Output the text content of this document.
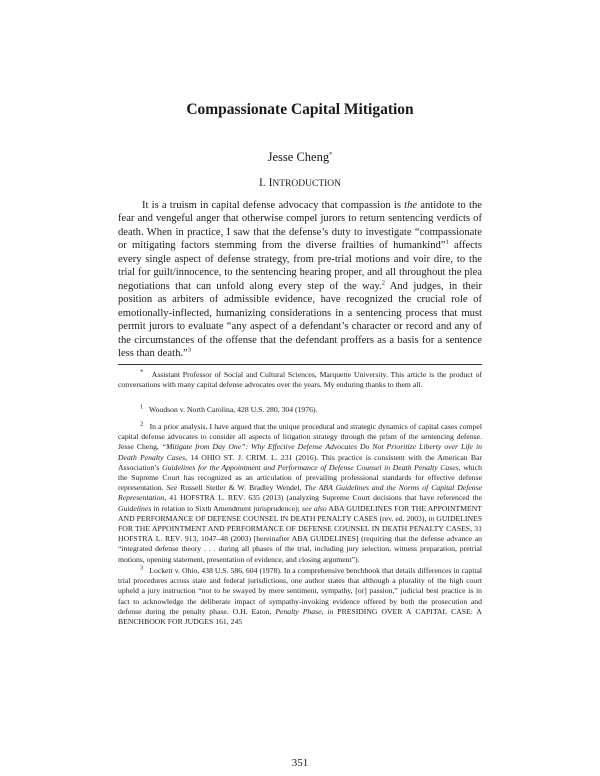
Compassionate Capital Mitigation
Jesse Cheng*
I. INTRODUCTION

It is a truism in capital defense advocacy that compassion is the antidote to the fear and vengeful anger that otherwise compel jurors to return sentencing verdicts of death. When in practice, I saw that the defense’s duty to investigate “compassionate or mitigating factors stemming from the diverse frailties of humankind”$^1$ affects every single aspect of defense strategy, from pre-trial motions and voir dire, to the trial for guilt/innocence, to the sentencing hearing proper, and all throughout the plea negotiations that can unfold along every step of the way.$^2$ And judges, in their position as arbiters of admissible evidence, have recognized the crucial role of emotionally-inflected, humanizing considerations in a sentencing process that must permit jurors to evaluate “any aspect of a defendant’s character or record and any of the circumstances of the offense that the defendant proffers as a basis for a sentence less than death.”$^3$

* Assistant Professor of Social and Cultural Sciences, Marquette University. This article is the product of conversations with many capital defense advocates over the years. My enduring thanks to them all.

$^1$ Woodson v. North Carolina, 428 U.S. 280, 304 (1976).

$^2$ In a prior analysis, I have argued that the unique procedural and strategic dynamics of capital cases compel capital defense advocates to consider all aspects of litigation strategy through the prism of the sentencing defense. Jesse Cheng, “Mitigate from Day One”: Why Effective Defense Advocates Do Not Prioritize Liberty over Life in Death Penalty Cases, 14 OHIO ST. J. CRIM. L. 231 (2016). This practice is consistent with the American Bar Association’s Guidelines for the Appointment and Performance of Defense Counsel in Death Penalty Cases, which the Supreme Court has recognized as an articulation of prevailing professional standards for effective defense representation. See Russell Stetler & W. Bradley Wendel, The ABA Guidelines and the Norms of Capital Defense Representation, 41 HOFSTRA L. REV. 635 (2013) (analyzing Supreme Court decisions that have referenced the Guidelines in relation to Sixth Amendment jurisprudence); see also ABA GUIDELINES FOR THE APPOINTMENT AND PERFORMANCE OF DEFENSE COUNSEL IN DEATH PENALTY CASES (rev. ed. 2003), in GUIDELINES FOR THE APPOINTMENT AND PERFORMANCE OF DEFENSE COUNSEL IN DEATH PENALTY CASES, 31 HOFSTRA L. REV. 913, 1047–48 (2003) [hereinafter ABA GUIDELINES] (requiring that the defense advance an “integrated defense theory . . . during all phases of the trial, including jury selection, witness preparation, pretrial motions, opening statement, presentation of evidence, and closing argument”).

$^3$ Lockett v. Ohio, 438 U.S. 586, 604 (1978). In a comprehensive benchbook that details differences in capital trial procedures across state and federal jurisdictions, one author states that although a plurality of the high court upheld a jury instruction “not to be swayed by mere sentiment, sympathy, [or] passion,” judicial best practice is in fact to acknowledge the deliberate impact of sympathy-invoking evidence offered by both the prosecution and defense during the penalty phase. O.H. Eaton, Penalty Phase, in PRESIDING OVER A CAPITAL CASE: A BENCHBOOK FOR JUDGES 161, 245

351
